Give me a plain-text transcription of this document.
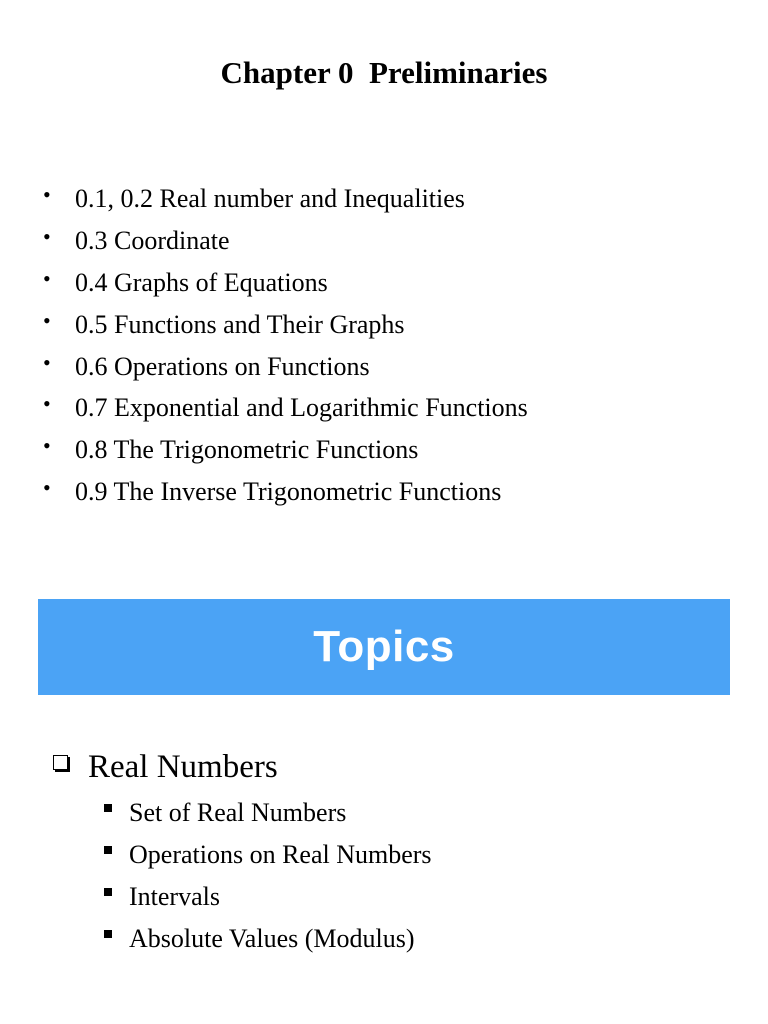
Chapter 0  Preliminaries
• 0.1, 0.2 Real number and Inequalities
• 0.3 Coordinate
• 0.4 Graphs of Equations
• 0.5 Functions and Their Graphs
• 0.6 Operations on Functions
• 0.7 Exponential and Logarithmic Functions
• 0.8 The Trigonometric Functions
• 0.9 The Inverse Trigonometric Functions
Topics
Real Numbers
Set of Real Numbers
Operations on Real Numbers
Intervals
Absolute Values (Modulus)
